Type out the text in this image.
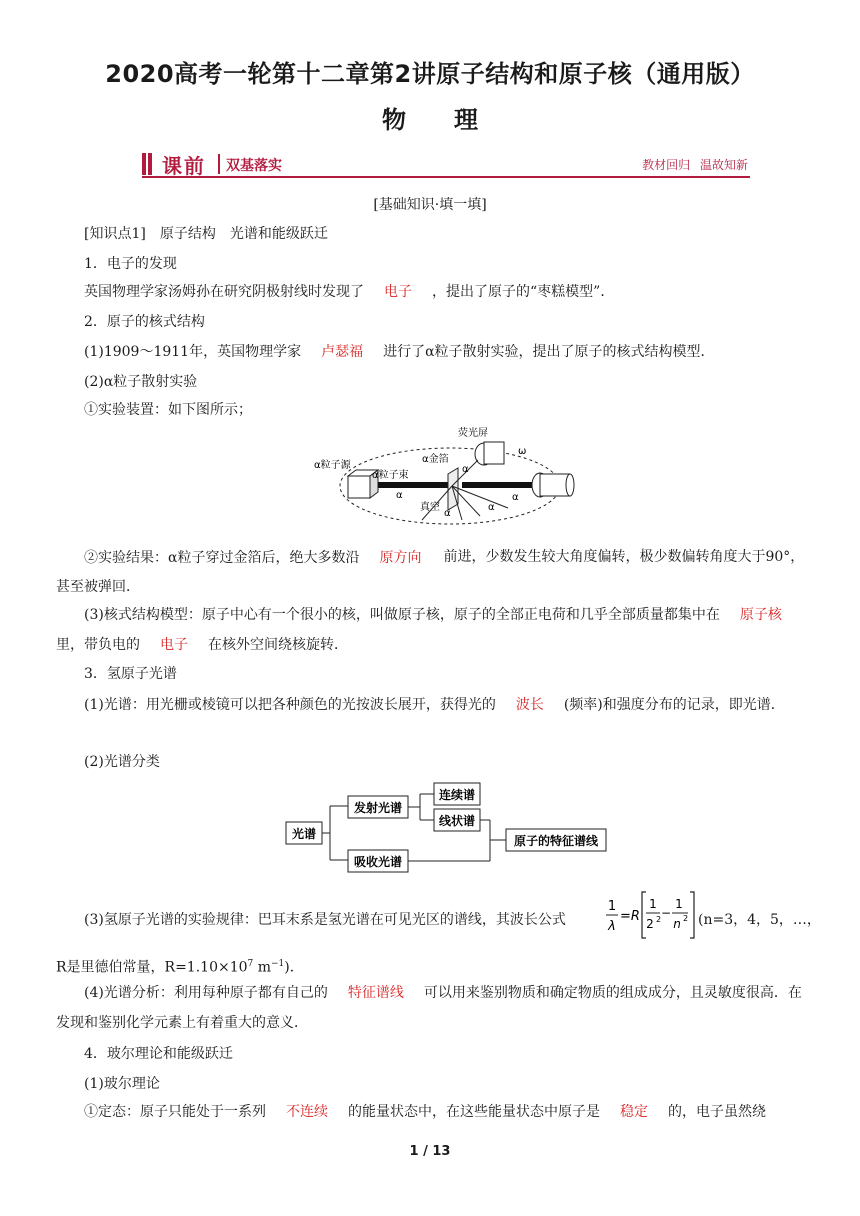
2020高考一轮第十二章第2讲原子结构和原子核（通用版）
物理
课前 双基落实	教材回归 温故知新
[基础知识·填一填]
[知识点1]　原子结构　光谱和能级跃迁
1．电子的发现
英国物理学家汤姆孙在研究阴极射线时发现了 电子 ，提出了原子的“枣糕模型”．
2．原子的核式结构
(1)1909～1911年，英国物理学家 卢瑟福 进行了α粒子散射实验，提出了原子的核式结构模型．
(2)α粒子散射实验
①实验装置：如下图所示；
荧光屏
α粒子源
α金箔
α粒子束
真空
ω
α
α
α
α
α
②实验结果：α粒子穿过金箔后，绝大多数沿 原方向	前进，少数发生较大角度偏转，极少数偏转角度大于90°，甚至被弹回．
(3)核式结构模型：原子中心有一个很小的核，叫做原子核，原子的全部正电荷和几乎全部质量都集中在 原子核里，带负电的 电子 在核外空间绕核旋转．
3．氢原子光谱
(1)光谱：用光栅或棱镜可以把各种颜色的光按波长展开，获得光的 波长 (频率)和强度分布的记录，即光谱．
(2)光谱分类
光谱
发射光谱
吸收光谱
连续谱
线状谱
原子的特征谱线
(3)氢原子光谱的实验规律：巴耳末系是氢光谱在可见光区的谱线，其波长公式
1
λ
=R
1
2 2 −
1
n 2 (n=3，4，5，…，
R是里德伯常量，$R=1.10\times 10^7$ $m^{-1}$)．
(4)光谱分析：利用每种原子都有自己的 特征谱线 可以用来鉴别物质和确定物质的组成成分，且灵敏度很高．在发现和鉴别化学元素上有着重大的意义．
4．玻尔理论和能级跃迁
(1)玻尔理论
①定态：原子只能处于一系列 不连续 的能量状态中，在这些能量状态中原子是 稳定 的，电子虽然绕
1 / 13
